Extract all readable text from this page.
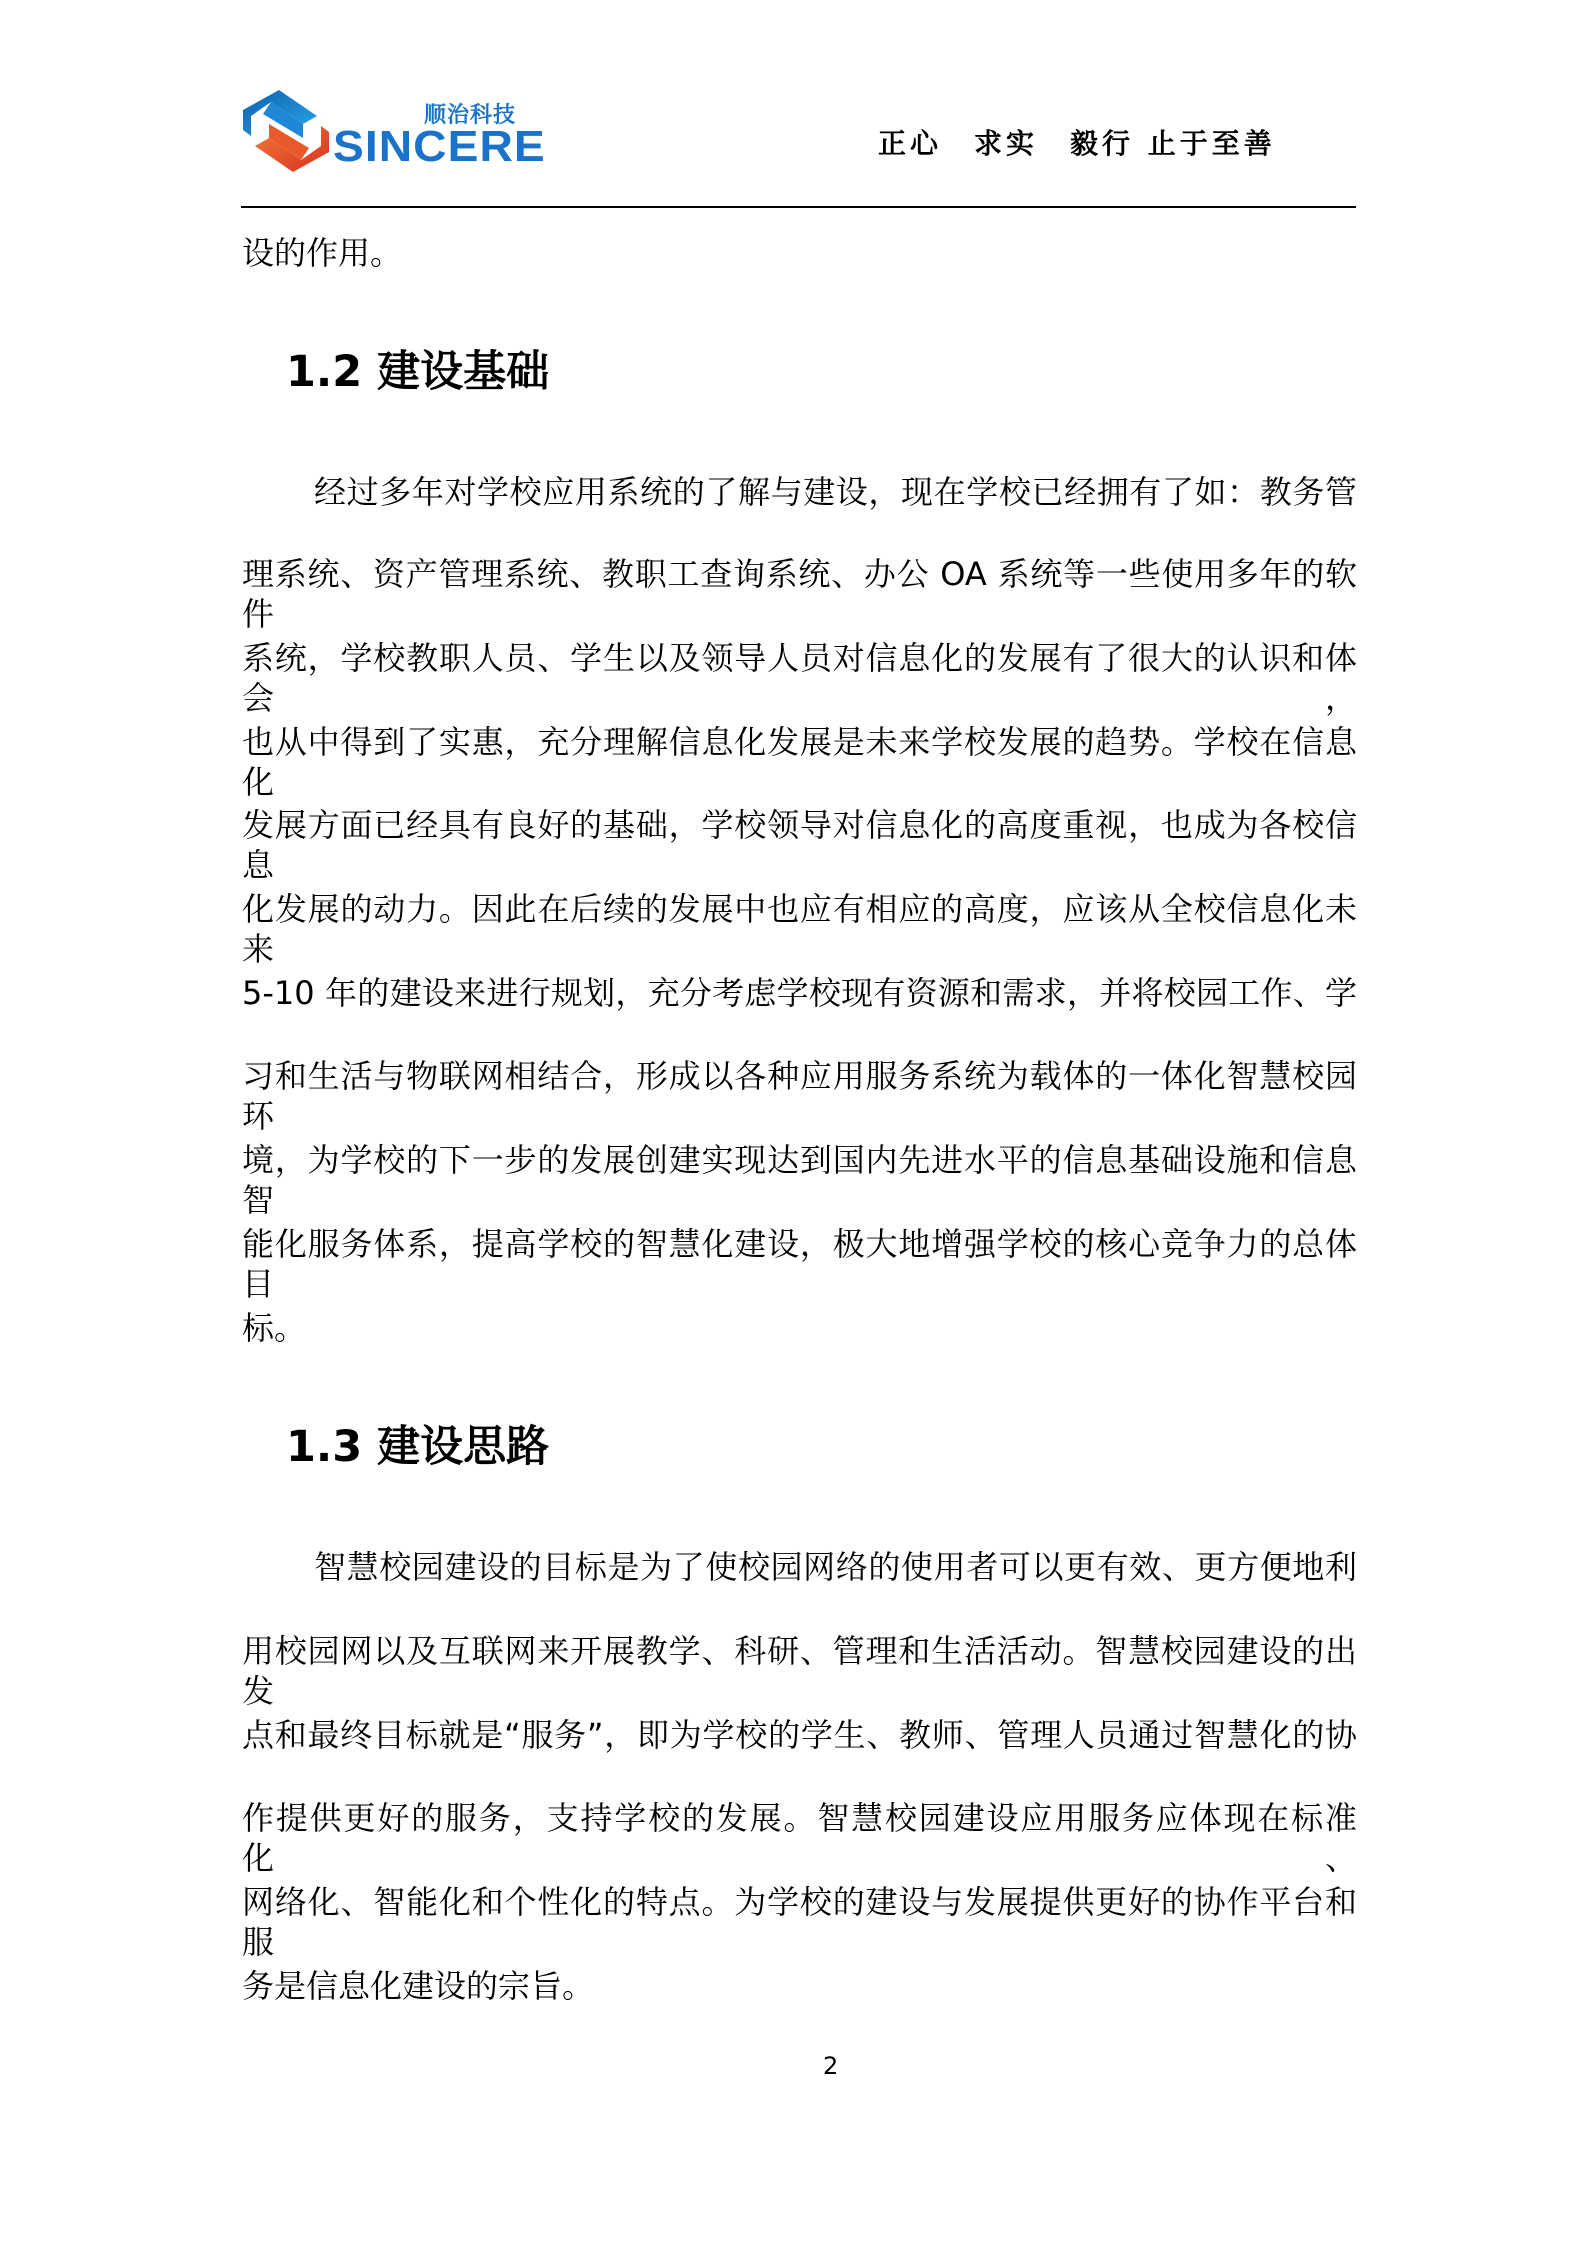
顺治科技
SINCERE	正心　求实　毅行 止于至善
设的作用。
1.2 建设基础
经过多年对学校应用系统的了解与建设，现在学校已经拥有了如：教务管
理系统、资产管理系统、教职工查询系统、办公 OA 系统等一些使用多年的软件
系统，学校教职人员、学生以及领导人员对信息化的发展有了很大的认识和体会，
也从中得到了实惠，充分理解信息化发展是未来学校发展的趋势。学校在信息化
发展方面已经具有良好的基础，学校领导对信息化的高度重视，也成为各校信息
化发展的动力。因此在后续的发展中也应有相应的高度，应该从全校信息化未来
5-10 年的建设来进行规划，充分考虑学校现有资源和需求，并将校园工作、学
习和生活与物联网相结合，形成以各种应用服务系统为载体的一体化智慧校园环
境，为学校的下一步的发展创建实现达到国内先进水平的信息基础设施和信息智
能化服务体系，提高学校的智慧化建设，极大地增强学校的核心竞争力的总体目
标。
1.3 建设思路
智慧校园建设的目标是为了使校园网络的使用者可以更有效、更方便地利
用校园网以及互联网来开展教学、科研、管理和生活活动。智慧校园建设的出发
点和最终目标就是“服务”，即为学校的学生、教师、管理人员通过智慧化的协
作提供更好的服务，支持学校的发展。智慧校园建设应用服务应体现在标准化、
网络化、智能化和个性化的特点。为学校的建设与发展提供更好的协作平台和服
务是信息化建设的宗旨。
2
